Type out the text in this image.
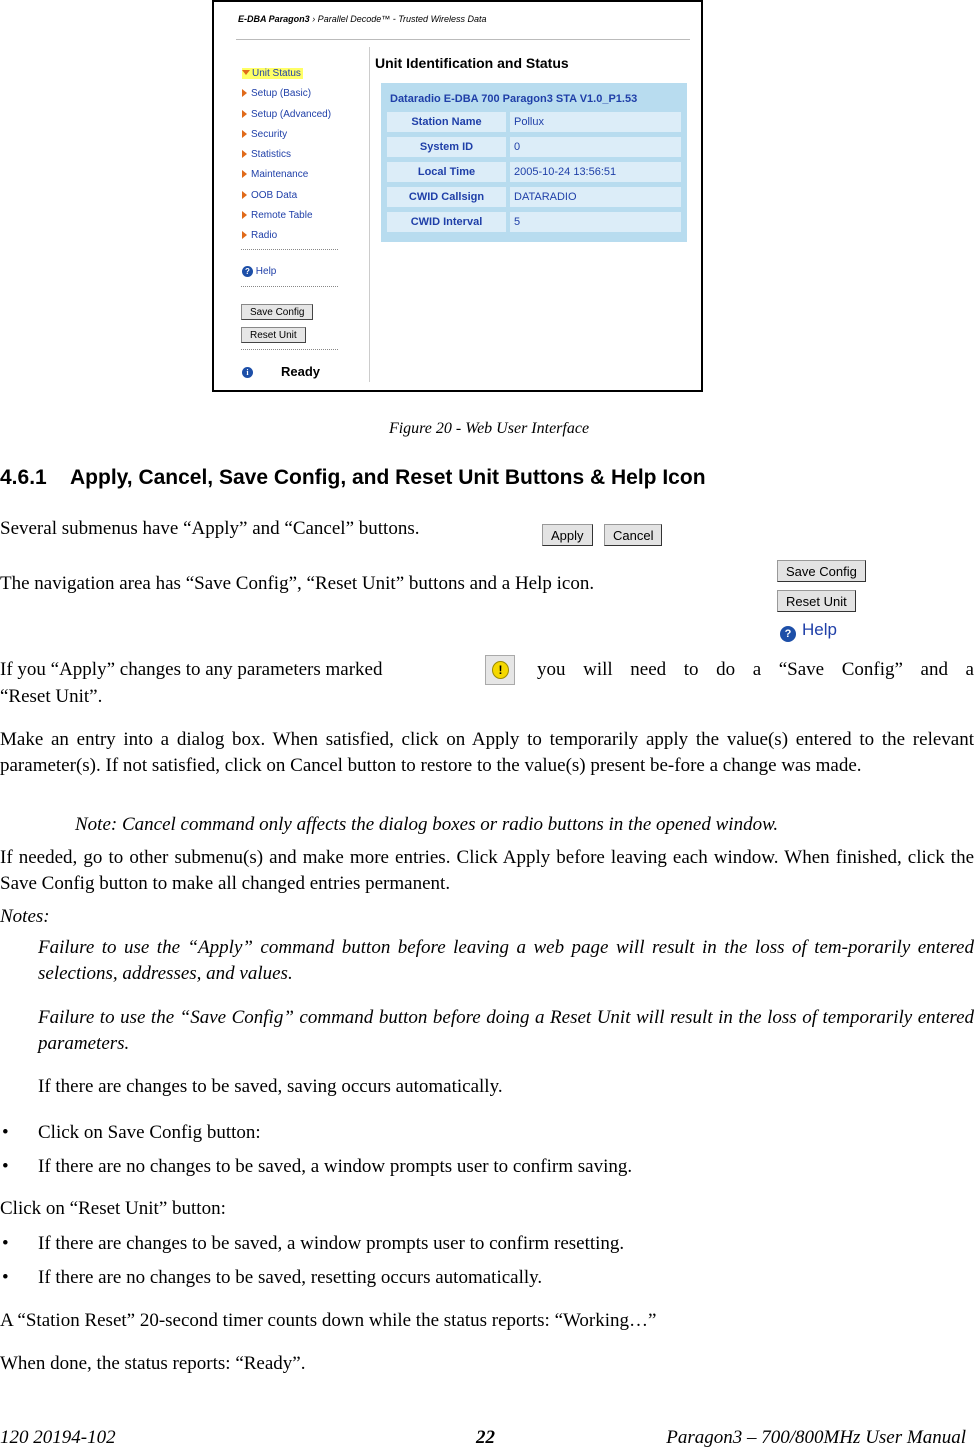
E-DBA Paragon3 › Parallel Decode™ - Trusted Wireless Data
Unit Status
Setup (Basic)
Setup (Advanced)
Security
Statistics
Maintenance
OOB Data
Remote Table
Radio
? Help
Save Config
Reset Unit
i Ready
Unit Identification and Status
Dataradio E-DBA 700 Paragon3 STA V1.0_P1.53
Station Name	Pollux
System ID	0
Local Time	2005-10-24 13:56:51
CWID Callsign	DATARADIO
CWID Interval	5
Figure 20 - Web User Interface
4.6.1 Apply, Cancel, Save Config, and Reset Unit Buttons & Help Icon
Several submenus have “Apply” and “Cancel” buttons.	Apply	Cancel
The navigation area has “Save Config”, “Reset Unit” buttons and a Help icon.
Save Config
Reset Unit
? Help
If you “Apply” changes to any parameters marked	!	you will need to do a “Save Config” and a
“Reset Unit”.
Make an entry into a dialog box. When satisfied, click on Apply to temporarily apply the value(s) entered to the relevant parameter(s). If not satisfied, click on Cancel button to restore to the value(s) present be-fore a change was made.
Note: Cancel command only affects the dialog boxes or radio buttons in the opened window.
If needed, go to other submenu(s) and make more entries. Click Apply before leaving each window. When finished, click the Save Config button to make all changed entries permanent.
Notes:
Failure to use the “Apply” command button before leaving a web page will result in the loss of tem-porarily entered selections, addresses, and values.
Failure to use the “Save Config” command button before doing a Reset Unit will result in the loss of temporarily entered parameters.
If there are changes to be saved, saving occurs automatically.
• Click on Save Config button:
• If there are no changes to be saved, a window prompts user to confirm saving.
Click on “Reset Unit” button:
• If there are changes to be saved, a window prompts user to confirm resetting.
• If there are no changes to be saved, resetting occurs automatically.
A “Station Reset” 20-second timer counts down while the status reports: “Working…”
When done, the status reports: “Ready”.
120 20194-102	22	Paragon3 – 700/800MHz User Manual
